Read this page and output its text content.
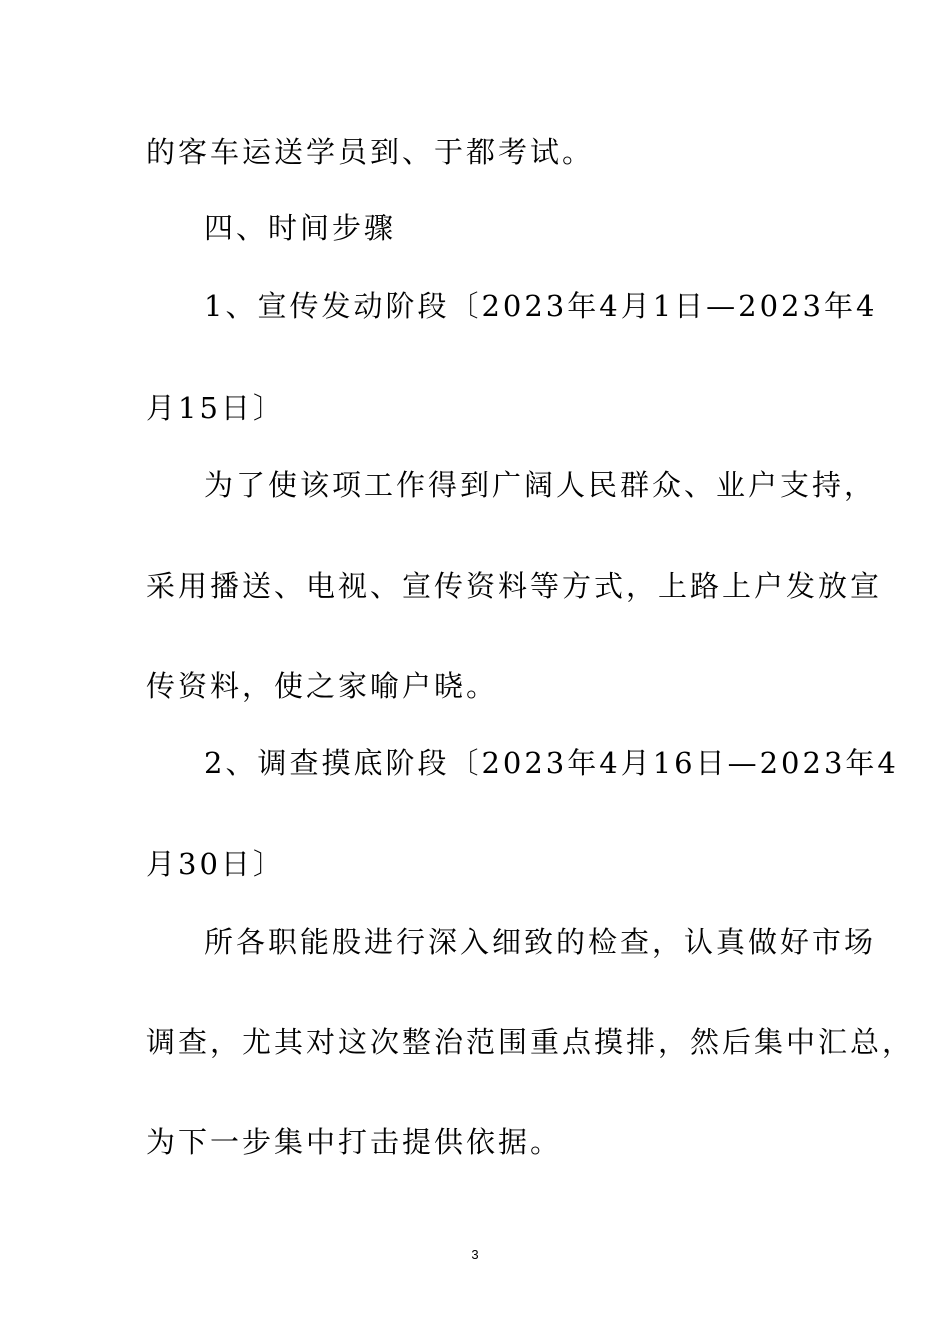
的客车运送学员到、于都考试。
四、时间步骤
1、宣传发动阶段〔2023年4月1日—2023年4
月15日〕
为了使该项工作得到广阔人民群众、业户支持，
采用播送、电视、宣传资料等方式，上路上户发放宣
传资料，使之家喻户晓。
2、调查摸底阶段〔2023年4月16日—2023年4
月30日〕
所各职能股进行深入细致的检查，认真做好市场
调查，尤其对这次整治范围重点摸排，然后集中汇总，
为下一步集中打击提供依据。
3
